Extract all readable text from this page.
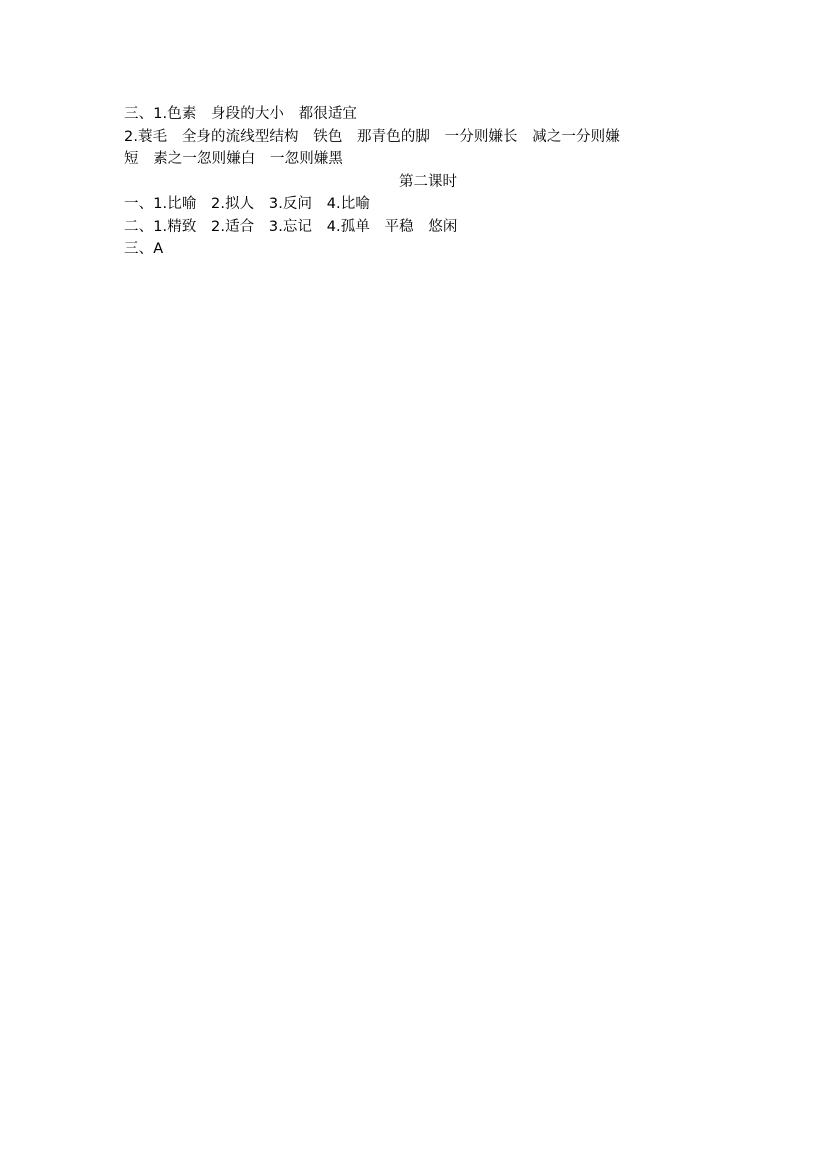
三、1.色素　身段的大小　都很适宜
2.蓑毛　全身的流线型结构　铁色　那青色的脚　一分则嫌长　减之一分则嫌
短　素之一忽则嫌白　一忽则嫌黑
第二课时
一、1.比喻　2.拟人　3.反问　4.比喻
二、1.精致　2.适合　3.忘记　4.孤单　平稳　悠闲
三、A
